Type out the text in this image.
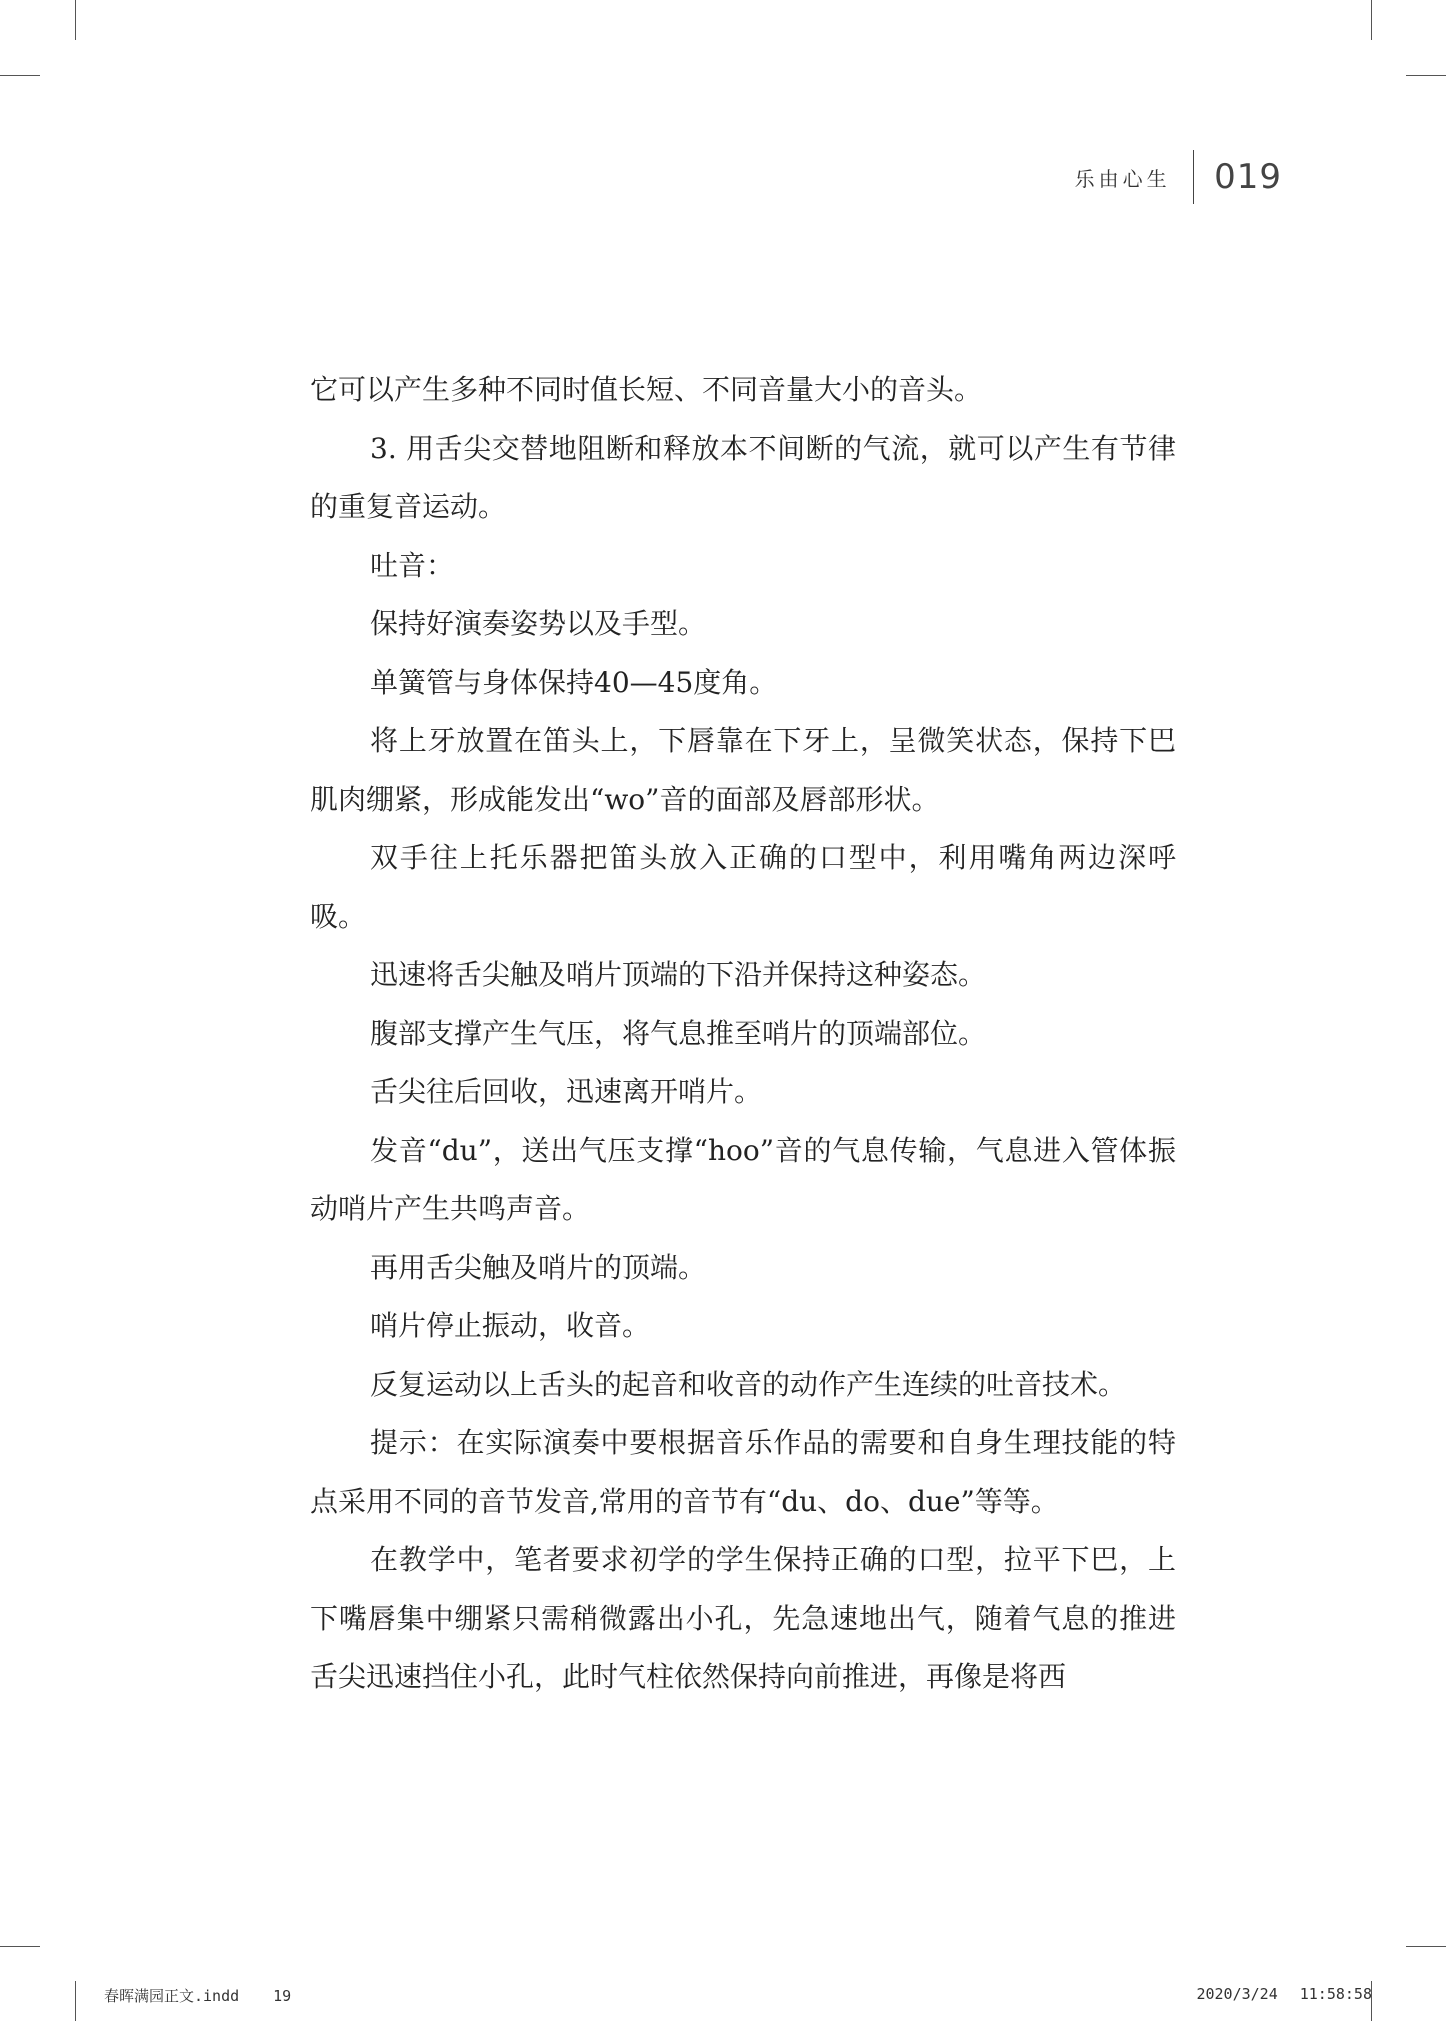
乐由心生 019

它可以产生多种不同时值长短、不同音量大小的音头。

3. 用舌尖交替地阻断和释放本不间断的气流，就可以产生有节律的重复音运动。

吐音：

保持好演奏姿势以及手型。

单簧管与身体保持40—45度角。

将上牙放置在笛头上，下唇靠在下牙上，呈微笑状态，保持下巴肌肉绷紧，形成能发出“wo”音的面部及唇部形状。

双手往上托乐器把笛头放入正确的口型中，利用嘴角两边深呼吸。

迅速将舌尖触及哨片顶端的下沿并保持这种姿态。

腹部支撑产生气压，将气息推至哨片的顶端部位。

舌尖往后回收，迅速离开哨片。

发音“du”，送出气压支撑“hoo”音的气息传输，气息进入管体振动哨片产生共鸣声音。

再用舌尖触及哨片的顶端。

哨片停止振动，收音。

反复运动以上舌头的起音和收音的动作产生连续的吐音技术。

提示：在实际演奏中要根据音乐作品的需要和自身生理技能的特点采用不同的音节发音,常用的音节有“du、do、due”等等。

在教学中，笔者要求初学的学生保持正确的口型，拉平下巴，上下嘴唇集中绷紧只需稍微露出小孔，先急速地出气，随着气息的推进舌尖迅速挡住小孔，此时气柱依然保持向前推进，再像是将西

春晖满园正文.indd 19	2020/3/24 11:58:58
